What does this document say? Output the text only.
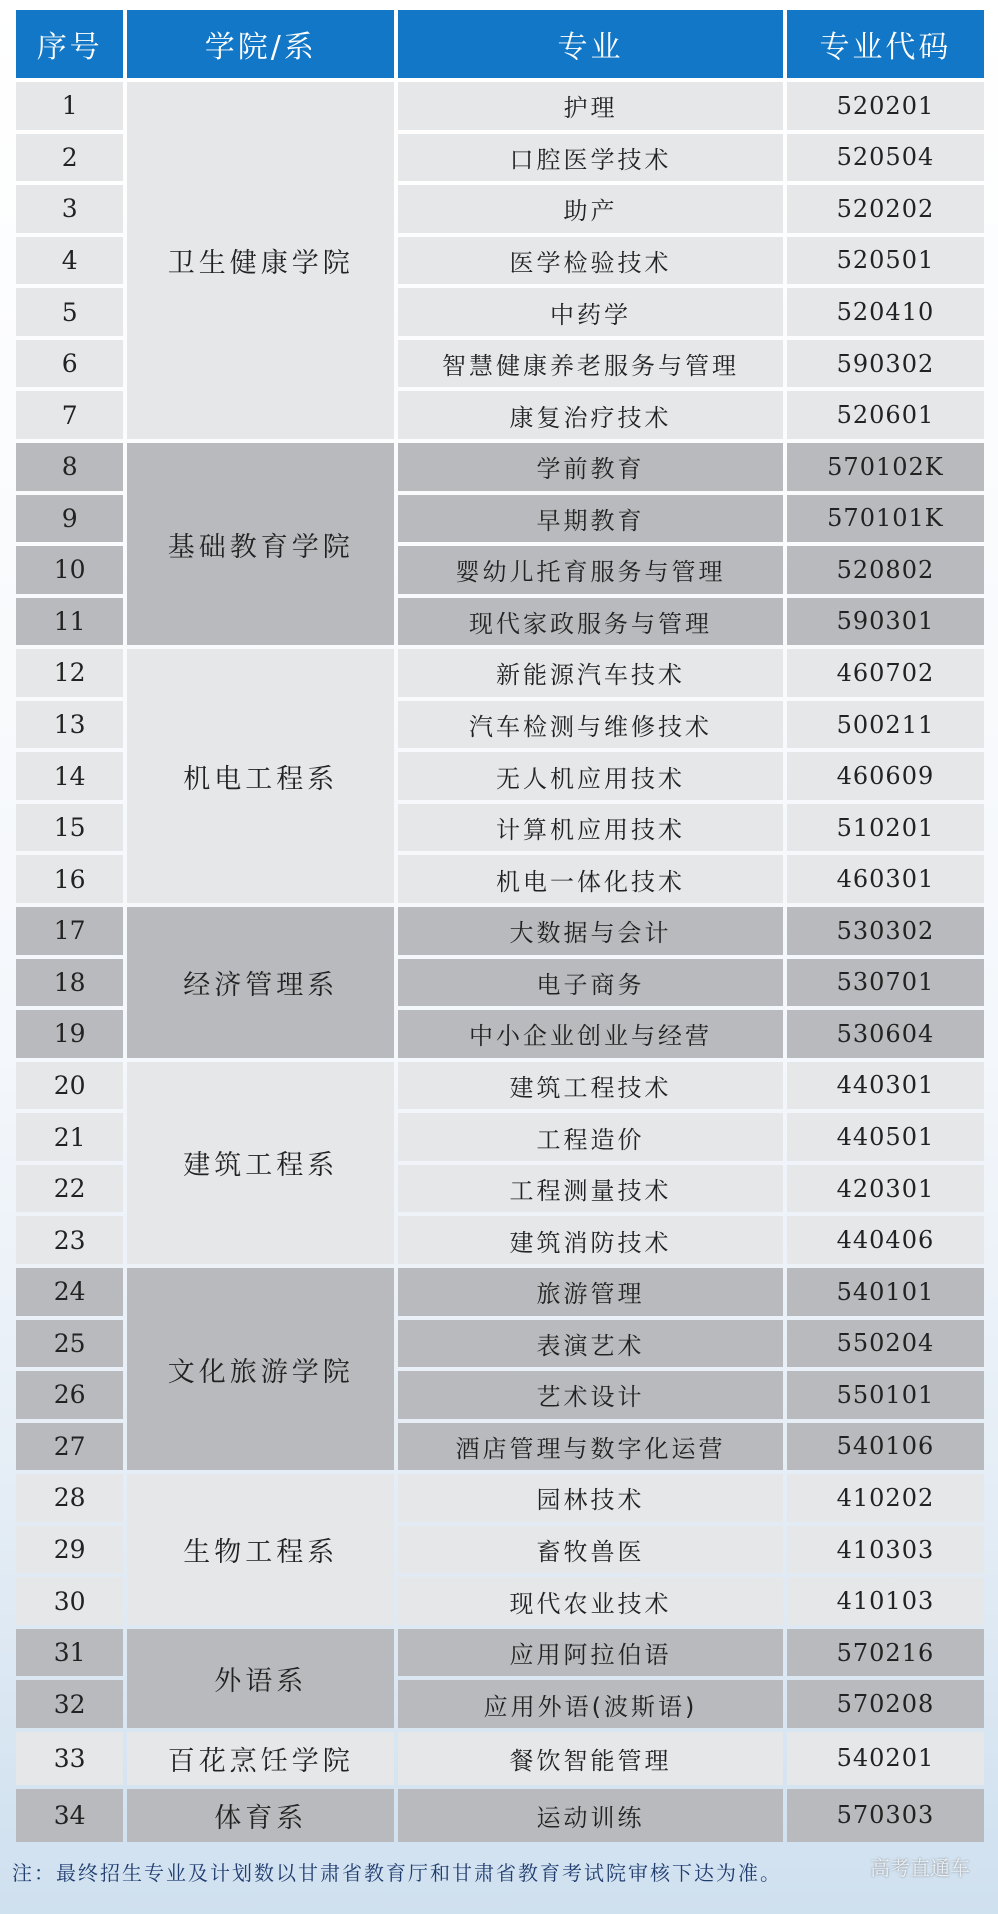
序号	学院/系	专业	专业代码
1	卫生健康学院	护理	520201
2		口腔医学技术	520504
3		助产	520202
4		医学检验技术	520501
5		中药学	520410
6		智慧健康养老服务与管理	590302
7		康复治疗技术	520601
8	基础教育学院	学前教育	570102K
9		早期教育	570101K
10		婴幼儿托育服务与管理	520802
11		现代家政服务与管理	590301
12	机电工程系	新能源汽车技术	460702
13		汽车检测与维修技术	500211
14		无人机应用技术	460609
15		计算机应用技术	510201
16		机电一体化技术	460301
17	经济管理系	大数据与会计	530302
18		电子商务	530701
19		中小企业创业与经营	530604
20	建筑工程系	建筑工程技术	440301
21		工程造价	440501
22		工程测量技术	420301
23		建筑消防技术	440406
24	文化旅游学院	旅游管理	540101
25		表演艺术	550204
26		艺术设计	550101
27		酒店管理与数字化运营	540106
28	生物工程系	园林技术	410202
29		畜牧兽医	410303
30		现代农业技术	410103
31	外语系	应用阿拉伯语	570216
32		应用外语(波斯语)	570208
33	百花烹饪学院	餐饮智能管理	540201
34	体育系	运动训练	570303
注：最终招生专业及计划数以甘肃省教育厅和甘肃省教育考试院审核下达为准。	高考直通车
